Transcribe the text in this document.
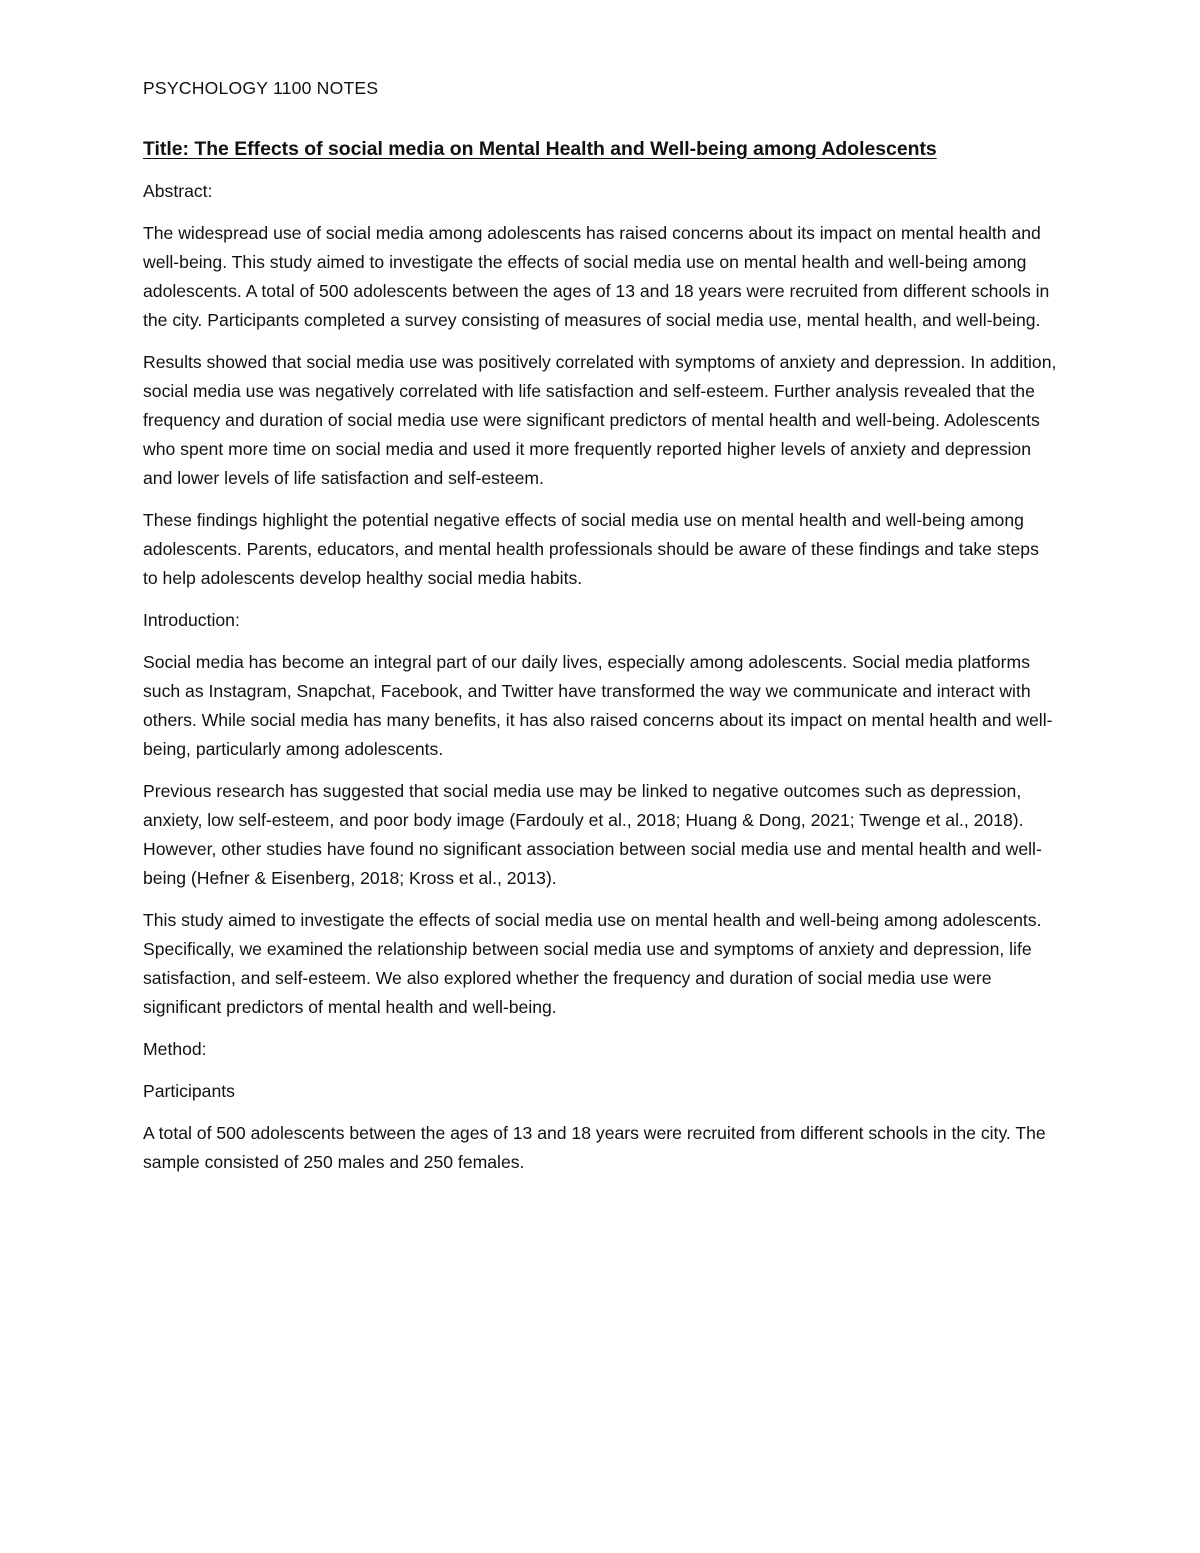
PSYCHOLOGY 1100 NOTES
Title: The Effects of social media on Mental Health and Well-being among Adolescents
Abstract:
The widespread use of social media among adolescents has raised concerns about its impact on mental health and well-being. This study aimed to investigate the effects of social media use on mental health and well-being among adolescents. A total of 500 adolescents between the ages of 13 and 18 years were recruited from different schools in the city. Participants completed a survey consisting of measures of social media use, mental health, and well-being.
Results showed that social media use was positively correlated with symptoms of anxiety and depression. In addition, social media use was negatively correlated with life satisfaction and self-esteem. Further analysis revealed that the frequency and duration of social media use were significant predictors of mental health and well-being. Adolescents who spent more time on social media and used it more frequently reported higher levels of anxiety and depression and lower levels of life satisfaction and self-esteem.
These findings highlight the potential negative effects of social media use on mental health and well-being among adolescents. Parents, educators, and mental health professionals should be aware of these findings and take steps to help adolescents develop healthy social media habits.
Introduction:
Social media has become an integral part of our daily lives, especially among adolescents. Social media platforms such as Instagram, Snapchat, Facebook, and Twitter have transformed the way we communicate and interact with others. While social media has many benefits, it has also raised concerns about its impact on mental health and well-being, particularly among adolescents.
Previous research has suggested that social media use may be linked to negative outcomes such as depression, anxiety, low self-esteem, and poor body image (Fardouly et al., 2018; Huang & Dong, 2021; Twenge et al., 2018). However, other studies have found no significant association between social media use and mental health and well-being (Hefner & Eisenberg, 2018; Kross et al., 2013).
This study aimed to investigate the effects of social media use on mental health and well-being among adolescents. Specifically, we examined the relationship between social media use and symptoms of anxiety and depression, life satisfaction, and self-esteem. We also explored whether the frequency and duration of social media use were significant predictors of mental health and well-being.
Method:
Participants
A total of 500 adolescents between the ages of 13 and 18 years were recruited from different schools in the city. The sample consisted of 250 males and 250 females.
